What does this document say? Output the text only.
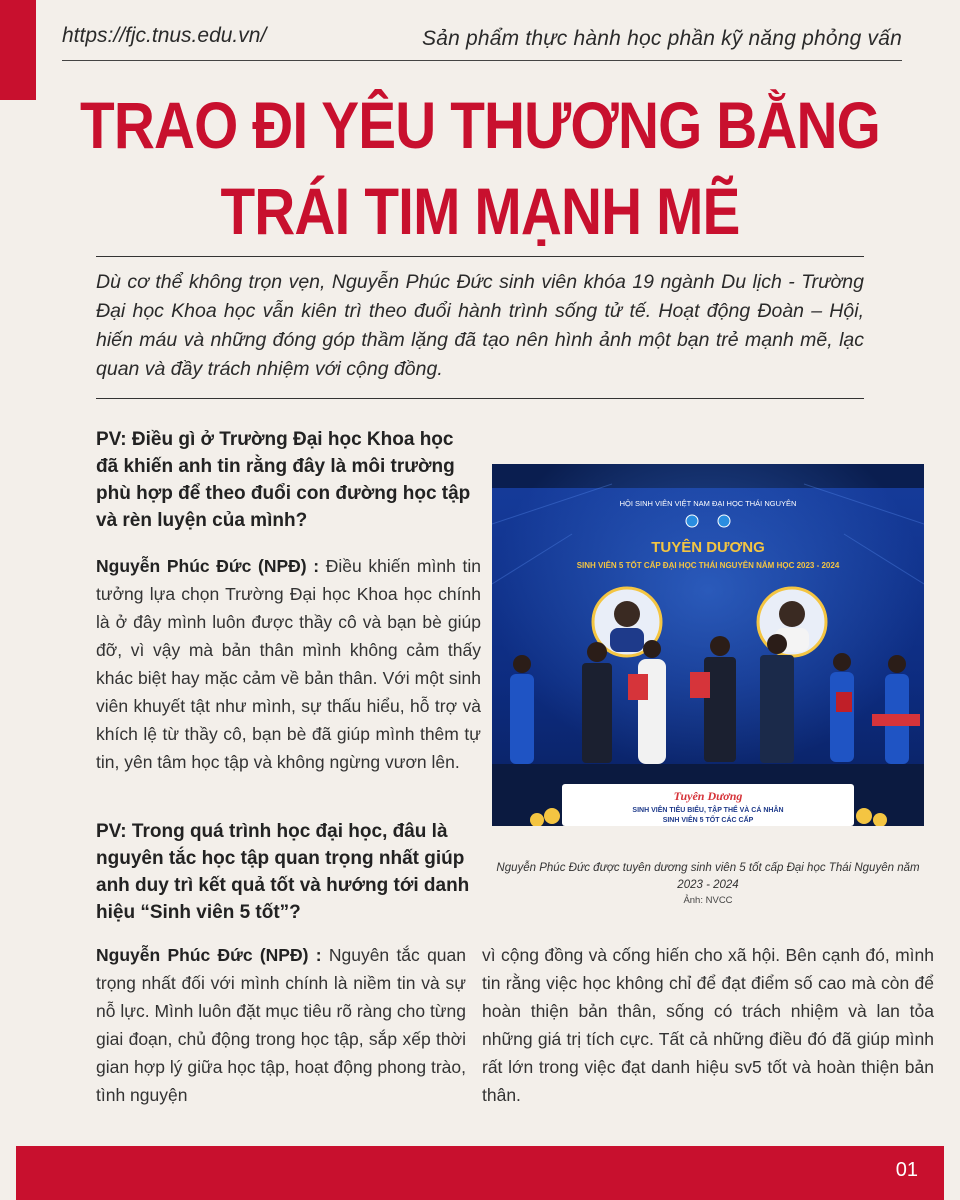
https://fjc.tnus.edu.vn/	Sản phẩm thực hành học phần kỹ năng phỏng vấn
TRAO ĐI YÊU THƯƠNG BẰNG
TRÁI TIM MẠNH MẼ
Dù cơ thể không trọn vẹn, Nguyễn Phúc Đức sinh viên khóa 19 ngành Du lịch - Trường Đại học Khoa học vẫn kiên trì theo đuổi hành trình sống tử tế. Hoạt động Đoàn – Hội, hiến máu và những đóng góp thầm lặng đã tạo nên hình ảnh một bạn trẻ mạnh mẽ, lạc quan và đầy trách nhiệm với cộng đồng.
PV: Điều gì ở Trường Đại học Khoa học đã khiến anh tin rằng đây là môi trường phù hợp để theo đuổi con đường học tập và rèn luyện của mình?
Nguyễn Phúc Đức (NPĐ) : Điều khiến mình tin tưởng lựa chọn Trường Đại học Khoa học chính là ở đây mình luôn được thầy cô và bạn bè giúp đỡ, vì vậy mà bản thân mình không cảm thấy khác biệt hay mặc cảm về bản thân. Với một sinh viên khuyết tật như mình, sự thấu hiểu, hỗ trợ và khích lệ từ thầy cô, bạn bè đã giúp mình thêm tự tin, yên tâm học tập và không ngừng vươn lên.
PV: Trong quá trình học đại học, đâu là nguyên tắc học tập quan trọng nhất giúp anh duy trì kết quả tốt và hướng tới danh hiệu “Sinh viên 5 tốt”?
Nguyễn Phúc Đức (NPĐ) : Nguyên tắc quan trọng nhất đối với mình chính là niềm tin và sự nỗ lực. Mình luôn đặt mục tiêu rõ ràng cho từng giai đoạn, chủ động trong học tập, sắp xếp thời gian hợp lý giữa học tập, hoạt động phong trào, tình nguyện
vì cộng đồng và cống hiến cho xã hội. Bên cạnh đó, mình tin rằng việc học không chỉ để đạt điểm số cao mà còn để hoàn thiện bản thân, sống có trách nhiệm và lan tỏa những giá trị tích cực. Tất cả những điều đó đã giúp mình rất lớn trong việc đạt danh hiệu sv5 tốt và hoàn thiện bản thân.
HỘI SINH VIÊN VIỆT NAM ĐẠI HỌC THÁI NGUYÊN
TUYÊN DƯƠNG
SINH VIÊN 5 TỐT CẤP ĐẠI HỌC THÁI NGUYÊN NĂM HỌC 2023 - 2024
Tuyên Dương
SINH VIÊN TIÊU BIỂU, TẬP THỂ VÀ CÁ NHÂN
SINH VIÊN 5 TỐT CÁC CẤP
Nguyễn Phúc Đức được tuyên dương sinh viên 5 tốt cấp Đại học Thái Nguyên năm 2023 - 2024
Ảnh: NVCC
01
